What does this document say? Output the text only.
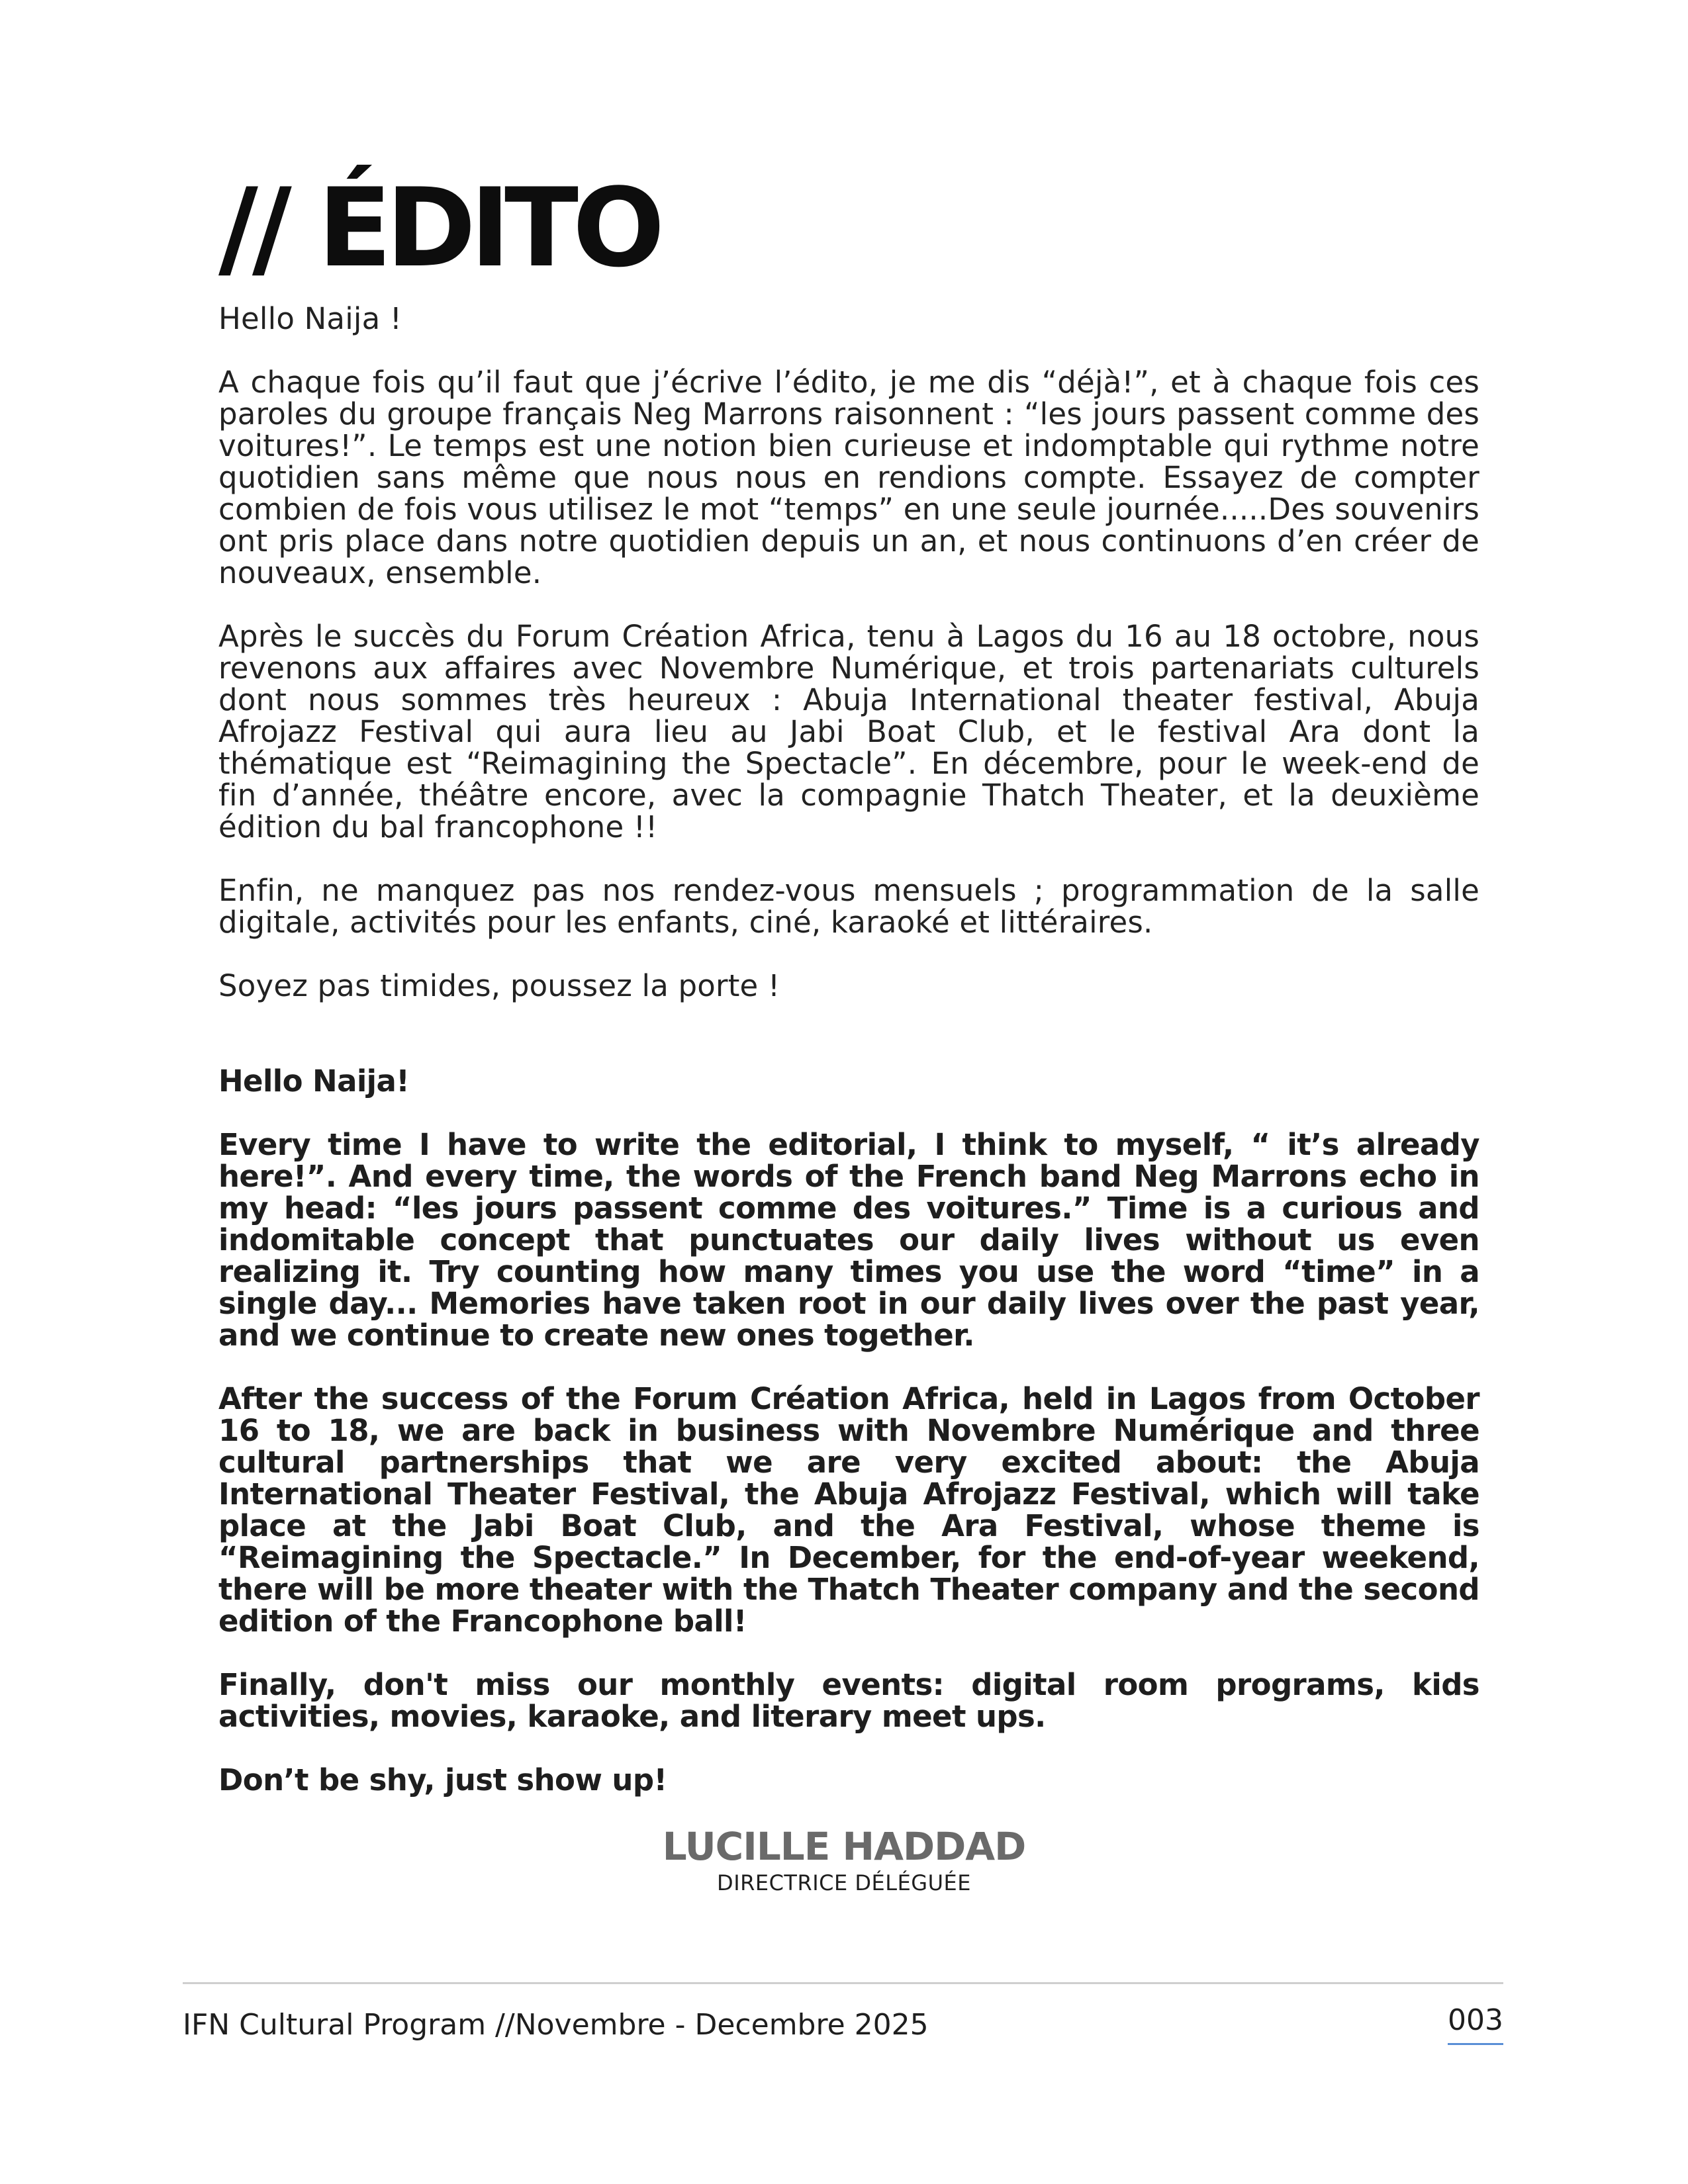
// ÉDITO

Hello Naija !

A chaque fois qu’il faut que j’écrive l’édito, je me dis “déjà!”, et à chaque fois ces paroles du groupe français Neg Marrons raisonnent : “les jours passent comme des voitures!”. Le temps est une notion bien curieuse et indomptable qui rythme notre quotidien sans même que nous nous en rendions compte. Essayez de compter combien de fois vous utilisez le mot “temps” en une seule journée.....Des souvenirs ont pris place dans notre quotidien depuis un an, et nous continuons d’en créer de nouveaux, ensemble.

Après le succès du Forum Création Africa, tenu à Lagos du 16 au 18 octobre, nous revenons aux affaires avec Novembre Numérique, et trois partenariats culturels dont nous sommes très heureux : Abuja International theater festival, Abuja Afrojazz Festival qui aura lieu au Jabi Boat Club, et le festival Ara dont la thématique est “Reimagining the Spectacle”. En décembre, pour le week-end de fin d’année, théâtre encore, avec la compagnie Thatch Theater, et la deuxième édition du bal francophone !!

Enfin, ne manquez pas nos rendez-vous mensuels ; programmation de la salle digitale, activités pour les enfants, ciné, karaoké et littéraires.

Soyez pas timides, poussez la porte !

Hello Naija!

Every time I have to write the editorial, I think to myself, “ it’s already here!”. And every time, the words of the French band Neg Marrons echo in my head: “les jours passent comme des voitures.” Time is a curious and indomitable concept that punctuates our daily lives without us even realizing it. Try counting how many times you use the word “time” in a single day... Memories have taken root in our daily lives over the past year, and we continue to create new ones together.

After the success of the Forum Création Africa, held in Lagos from October 16 to 18, we are back in business with Novembre Numérique and three cultural partnerships that we are very excited about: the Abuja International Theater Festival, the Abuja Afrojazz Festival, which will take place at the Jabi Boat Club, and the Ara Festival, whose theme is “Reimagining the Spectacle.” In December, for the end-of-year weekend, there will be more theater with the Thatch Theater company and the second edition of the Francophone ball!

Finally, don't miss our monthly events: digital room programs, kids activities, movies, karaoke, and literary meet ups.

Don’t be shy, just show up!

LUCILLE HADDAD
DIRECTRICE DÉLÉGUÉE
IFN Cultural Program //Novembre - Decembre 2025	003
